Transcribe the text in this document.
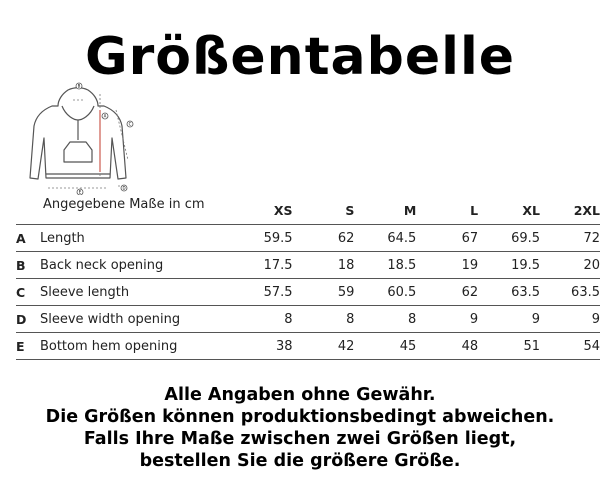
Größentabelle
B
A
C
D
E
	Angegebene Maße in cm	XS	S	M	L	XL	2XL
A	Length	59.5	62	64.5	67	69.5	72
B	Back neck opening	17.5	18	18.5	19	19.5	20
C	Sleeve length	57.5	59	60.5	62	63.5	63.5
D	Sleeve width opening	8	8	8	9	9	9
E	Bottom hem opening	38	42	45	48	51	54
Alle Angaben ohne Gewähr.
Die Größen können produktionsbedingt abweichen.
Falls Ihre Maße zwischen zwei Größen liegt,
bestellen Sie die größere Größe.
